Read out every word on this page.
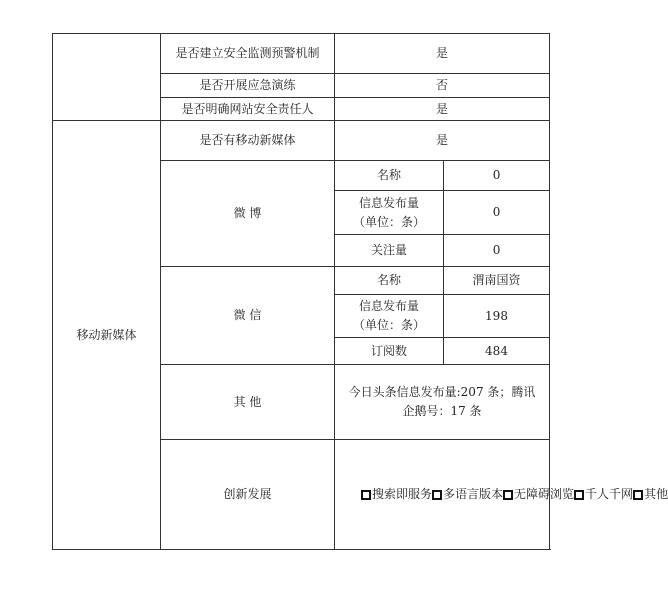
	是否建立安全监测预警机制	是	
	是否开展应急演练	否	
	是否明确网站安全责任人	是	
移动新媒体	是否有移动新媒体	是	
	微 博	名称	0
		信息发布量
（单位：条）	0
		关注量	0
	微 信	名称	渭南国资
		信息发布量
（单位：条）	198
		订阅数	484
	其 他	今日头条信息发布量:207 条；腾讯企鹅号：17 条	
	创新发展	搜索即服务 多语言版本 无障碍浏览 千人千网 其他	
